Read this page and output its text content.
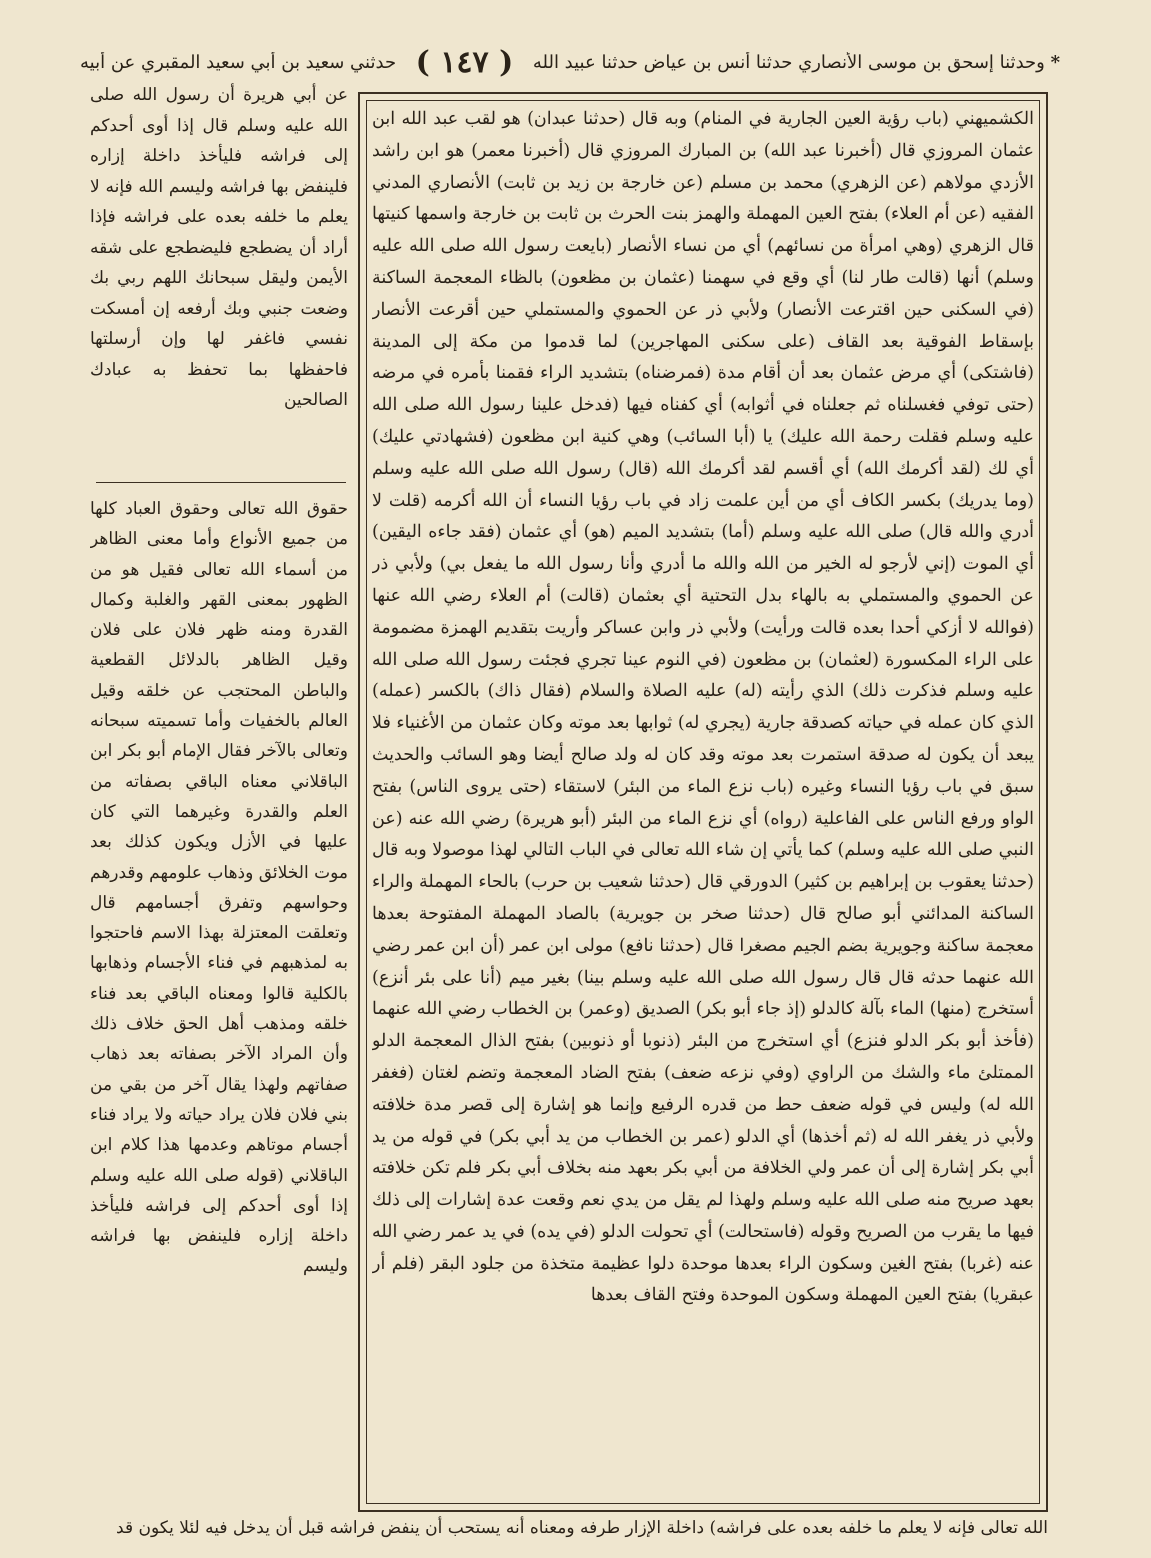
* وحدثنا إسحق بن موسى الأنصاري حدثنا أنس بن عياض حدثنا عبيد الله
( ١٤٧ )
حدثني سعيد بن أبي سعيد المقبري عن أبيه
عن أبي هريرة أن رسول الله صلى الله عليه وسلم قال إذا أوى أحدكم إلى فراشه فليأخذ داخلة إزاره فلينفض بها فراشه وليسم الله فإنه لا يعلم ما خلفه بعده على فراشه فإذا أراد أن يضطجع فليضطجع على شقه الأيمن وليقل سبحانك اللهم ربي بك وضعت جنبي وبك أرفعه إن أمسكت نفسي فاغفر لها وإن أرسلتها فاحفظها بما تحفظ به عبادك الصالحين
حقوق الله تعالى وحقوق العباد كلها من جميع الأنواع وأما معنى الظاهر من أسماء الله تعالى فقيل هو من الظهور بمعنى القهر والغلبة وكمال القدرة ومنه ظهر فلان على فلان وقيل الظاهر بالدلائل القطعية والباطن المحتجب عن خلقه وقيل العالم بالخفيات وأما تسميته سبحانه وتعالى بالآخر فقال الإمام أبو بكر ابن الباقلاني معناه الباقي بصفاته من العلم والقدرة وغيرهما التي كان عليها في الأزل ويكون كذلك بعد موت الخلائق وذهاب علومهم وقدرهم وحواسهم وتفرق أجسامهم قال وتعلقت المعتزلة بهذا الاسم فاحتجوا به لمذهبهم في فناء الأجسام وذهابها بالكلية قالوا ومعناه الباقي بعد فناء خلقه ومذهب أهل الحق خلاف ذلك وأن المراد الآخر بصفاته بعد ذهاب صفاتهم ولهذا يقال آخر من بقي من بني فلان فلان يراد حياته ولا يراد فناء أجسام موتاهم وعدمها هذا كلام ابن الباقلاني (قوله صلى الله عليه وسلم إذا أوى أحدكم إلى فراشه فليأخذ داخلة إزاره فلينفض بها فراشه وليسم
الكشميهني (باب رؤية العين الجارية في المنام) وبه قال (حدثنا عبدان) هو لقب عبد الله ابن عثمان المروزي قال (أخبرنا عبد الله) بن المبارك المروزي قال (أخبرنا معمر) هو ابن راشد الأزدي مولاهم (عن الزهري) محمد بن مسلم (عن خارجة بن زيد بن ثابت) الأنصاري المدني الفقيه (عن أم العلاء) بفتح العين المهملة والهمز بنت الحرث بن ثابت بن خارجة واسمها كنيتها قال الزهري (وهي امرأة من نسائهم) أي من نساء الأنصار (بايعت رسول الله صلى الله عليه وسلم) أنها (قالت طار لنا) أي وقع في سهمنا (عثمان بن مظعون) بالظاء المعجمة الساكنة (في السكنى حين اقترعت الأنصار) ولأبي ذر عن الحموي والمستملي حين أقرعت الأنصار بإسقاط الفوقية بعد القاف (على سكنى المهاجرين) لما قدموا من مكة إلى المدينة (فاشتكى) أي مرض عثمان بعد أن أقام مدة (فمرضناه) بتشديد الراء فقمنا بأمره في مرضه (حتى توفي فغسلناه ثم جعلناه في أثوابه) أي كفناه فيها (فدخل علينا رسول الله صلى الله عليه وسلم فقلت رحمة الله عليك) يا (أبا السائب) وهي كنية ابن مظعون (فشهادتي عليك) أي لك (لقد أكرمك الله) أي أقسم لقد أكرمك الله (قال) رسول الله صلى الله عليه وسلم (وما يدريك) بكسر الكاف أي من أين علمت زاد في باب رؤيا النساء أن الله أكرمه (قلت لا أدري والله قال) صلى الله عليه وسلم (أما) بتشديد الميم (هو) أي عثمان (فقد جاءه اليقين) أي الموت (إني لأرجو له الخير من الله والله ما أدري وأنا رسول الله ما يفعل بي) ولأبي ذر عن الحموي والمستملي به بالهاء بدل التحتية أي بعثمان (قالت) أم العلاء رضي الله عنها (فوالله لا أزكي أحدا بعده قالت ورأيت) ولأبي ذر وابن عساكر وأريت بتقديم الهمزة مضمومة على الراء المكسورة (لعثمان) بن مظعون (في النوم عينا تجري فجئت رسول الله صلى الله عليه وسلم فذكرت ذلك) الذي رأيته (له) عليه الصلاة والسلام (فقال ذاك) بالكسر (عمله) الذي كان عمله في حياته كصدقة جارية (يجري له) ثوابها بعد موته وكان عثمان من الأغنياء فلا يبعد أن يكون له صدقة استمرت بعد موته وقد كان له ولد صالح أيضا وهو السائب والحديث سبق في باب رؤيا النساء وغيره (باب نزع الماء من البئر) لاستقاء (حتى يروى الناس) بفتح الواو ورفع الناس على الفاعلية (رواه) أي نزع الماء من البئر (أبو هريرة) رضي الله عنه (عن النبي صلى الله عليه وسلم) كما يأتي إن شاء الله تعالى في الباب التالي لهذا موصولا وبه قال (حدثنا يعقوب بن إبراهيم بن كثير) الدورقي قال (حدثنا شعيب بن حرب) بالحاء المهملة والراء الساكنة المدائني أبو صالح قال (حدثنا صخر بن جويرية) بالصاد المهملة المفتوحة بعدها معجمة ساكنة وجويرية بضم الجيم مصغرا قال (حدثنا نافع) مولى ابن عمر (أن ابن عمر رضي الله عنهما حدثه قال قال رسول الله صلى الله عليه وسلم بينا) بغير ميم (أنا على بئر أنزع) أستخرج (منها) الماء بآلة كالدلو (إذ جاء أبو بكر) الصديق (وعمر) بن الخطاب رضي الله عنهما (فأخذ أبو بكر الدلو فنزع) أي استخرج من البئر (ذنوبا أو ذنوبين) بفتح الذال المعجمة الدلو الممتلئ ماء والشك من الراوي (وفي نزعه ضعف) بفتح الضاد المعجمة وتضم لغتان (فغفر الله له) وليس في قوله ضعف حط من قدره الرفيع وإنما هو إشارة إلى قصر مدة خلافته ولأبي ذر يغفر الله له (ثم أخذها) أي الدلو (عمر بن الخطاب من يد أبي بكر) في قوله من يد أبي بكر إشارة إلى أن عمر ولي الخلافة من أبي بكر بعهد منه بخلاف أبي بكر فلم تكن خلافته بعهد صريح منه صلى الله عليه وسلم ولهذا لم يقل من يدي نعم وقعت عدة إشارات إلى ذلك فيها ما يقرب من الصريح وقوله (فاستحالت) أي تحولت الدلو (في يده) في يد عمر رضي الله عنه (غربا) بفتح الغين وسكون الراء بعدها موحدة دلوا عظيمة متخذة من جلود البقر (فلم أر عبقريا) بفتح العين المهملة وسكون الموحدة وفتح القاف بعدها
الله تعالى فإنه لا يعلم ما خلفه بعده على فراشه) داخلة الإزار طرفه ومعناه أنه يستحب أن ينفض فراشه قبل أن يدخل فيه لئلا يكون قد
